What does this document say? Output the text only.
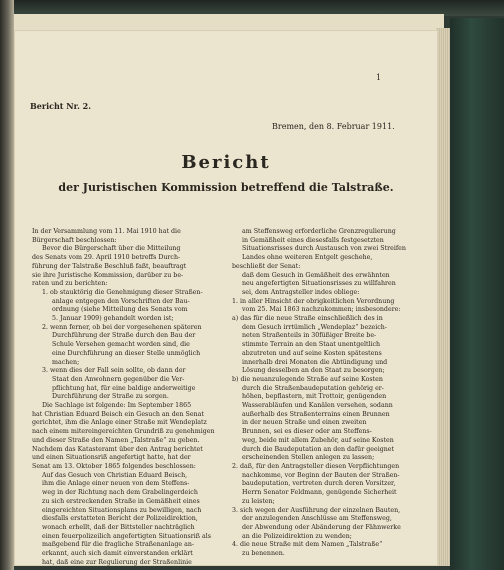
1
Bericht Nr. 2.
Bremen, den 8. Februar 1911.
Bericht
der Juristischen Kommission betreffend die Talstraße.

In der Versammlung vom 11. Mai 1910 hat die

Bürgerschaft beschlossen:

Bevor die Bürgerschaft über die Mitteilung

des Senats vom 29. April 1910 betreffs Durch-

führung der Talstraße Beschluß faßt, beauftragt

sie ihre Juristische Kommission, darüber zu be-

raten und zu berichten:

1. ob stauktörig die Genehmigung dieser Straßen-

anlage entgegen den Vorschriften der Bau-

ordnung (siehe Mitteilung des Senats vom

5. Januar 1909) gehandelt worden ist;

2. wenn ferner, ob bei der vorgesehenen späteren

Durchführung der Straße durch den Bau der

Schule Versehen gemacht worden sind, die

eine Durchführung an dieser Stelle unmöglich

machen;

3. wenn dies der Fall sein sollte, ob dann der

Staat den Anwohnern gegenüber die Ver-

pflichtung hat, für eine baldige anderweitige

Durchführung der Straße zu sorgen.

Die Sachlage ist folgende: Im September 1865

hat Christian Eduard Beisch ein Gesuch an den Senat

gerichtet, ihm die Anlage einer Straße mit Wendeplatz

nach einem mitereingereichten Grundriß zu genehmigen

und dieser Straße den Namen „Talstraße“ zu geben.

Nachdem das Katasteramt über den Antrag berichtet

und einen Situationsriß angefertigt hatte, hat der

Senat am 13. Oktober 1865 folgendes beschlossen:

Auf das Gesuch von Christian Eduard Beisch,

ihm die Anlage einer neuen von dem Steffens-

weg in der Richtung nach dem Grabelingerdeich

zu sich erstreckenden Straße in Gemäßheit eines

eingereichten Situationsplans zu bewilligen, nach

diesfalls erstatteten Bericht der Polizeidirektion,

wonach erhellt, daß der Bittsteller nachträglich

einen feuerpolizeilich angefertigten Situationsriß als

maßgebend für die fragliche Straßenanlage an-

erkannt, auch sich damit einverstanden erklärt

hat, daß eine zur Regulierung der Straßenlinie

am Steffensweg erforderliche Grenzregulierung

in Gemäßheit eines diesesfalls festgesetzten

Situationsrisses durch Austausch von zwei Streifen

Landes ohne weiteren Entgelt geschehe,

beschließt der Senat:

daß dem Gesuch in Gemäßheit des erwähnten

neu angefertigten Situationsrisses zu willfahren

sei, dem Antragsteller indes obliege:

1. in aller Hinsicht der obrigkeitlichen Verordnung

vom 25. Mai 1863 nachzukommen; insbesondere:

a) das für die neue Straße einschließlich des in

dem Gesuch irrtümlich „Wendeplaz“ bezeich-

neten Straßenteils in 30füßiger Breite be-

stimmte Terrain an den Staat unentgeltlich

abzutreten und auf seine Kosten spätestens

innerhalb drei Monaten die Abtündigung und

Lösung desselben an den Staat zu besorgen;

b) die neuanzulegende Straße auf seine Kosten

durch die Straßenbaudeputation gehörig er-

höhen, bepflastern, mit Trottoir, genügenden

Wasserabläufen und Kanälen versehen, sodann

außerhalb des Straßenterrains einen Brunnen

in der neuen Straße und einen zweiten

Brunnen, sei es dieser oder am Steffens-

weg, beide mit allem Zubehör, auf seine Kosten

durch die Baudeputation an den dafür geeignet

erscheinenden Stellen anlegen zu lassen;

2. daß, für den Antragsteller diesen Verpflichtungen

nachkomme, vor Beginn der Bauten der Straßen-

baudeputation, vertreten durch deren Vorsitzer,

Herrn Senator Feldmann, genügende Sicherheit

zu leisten;

3. sich wegen der Ausführung der einzelnen Bauten,

der anzulegenden Anschlüsse am Steffensweg,

der Abwendung oder Abänderung der Fähnwerke

an die Polizeidirektion zu wenden;

4. die neue Straße mit dem Namen „Talstraße“

zu benennen.
